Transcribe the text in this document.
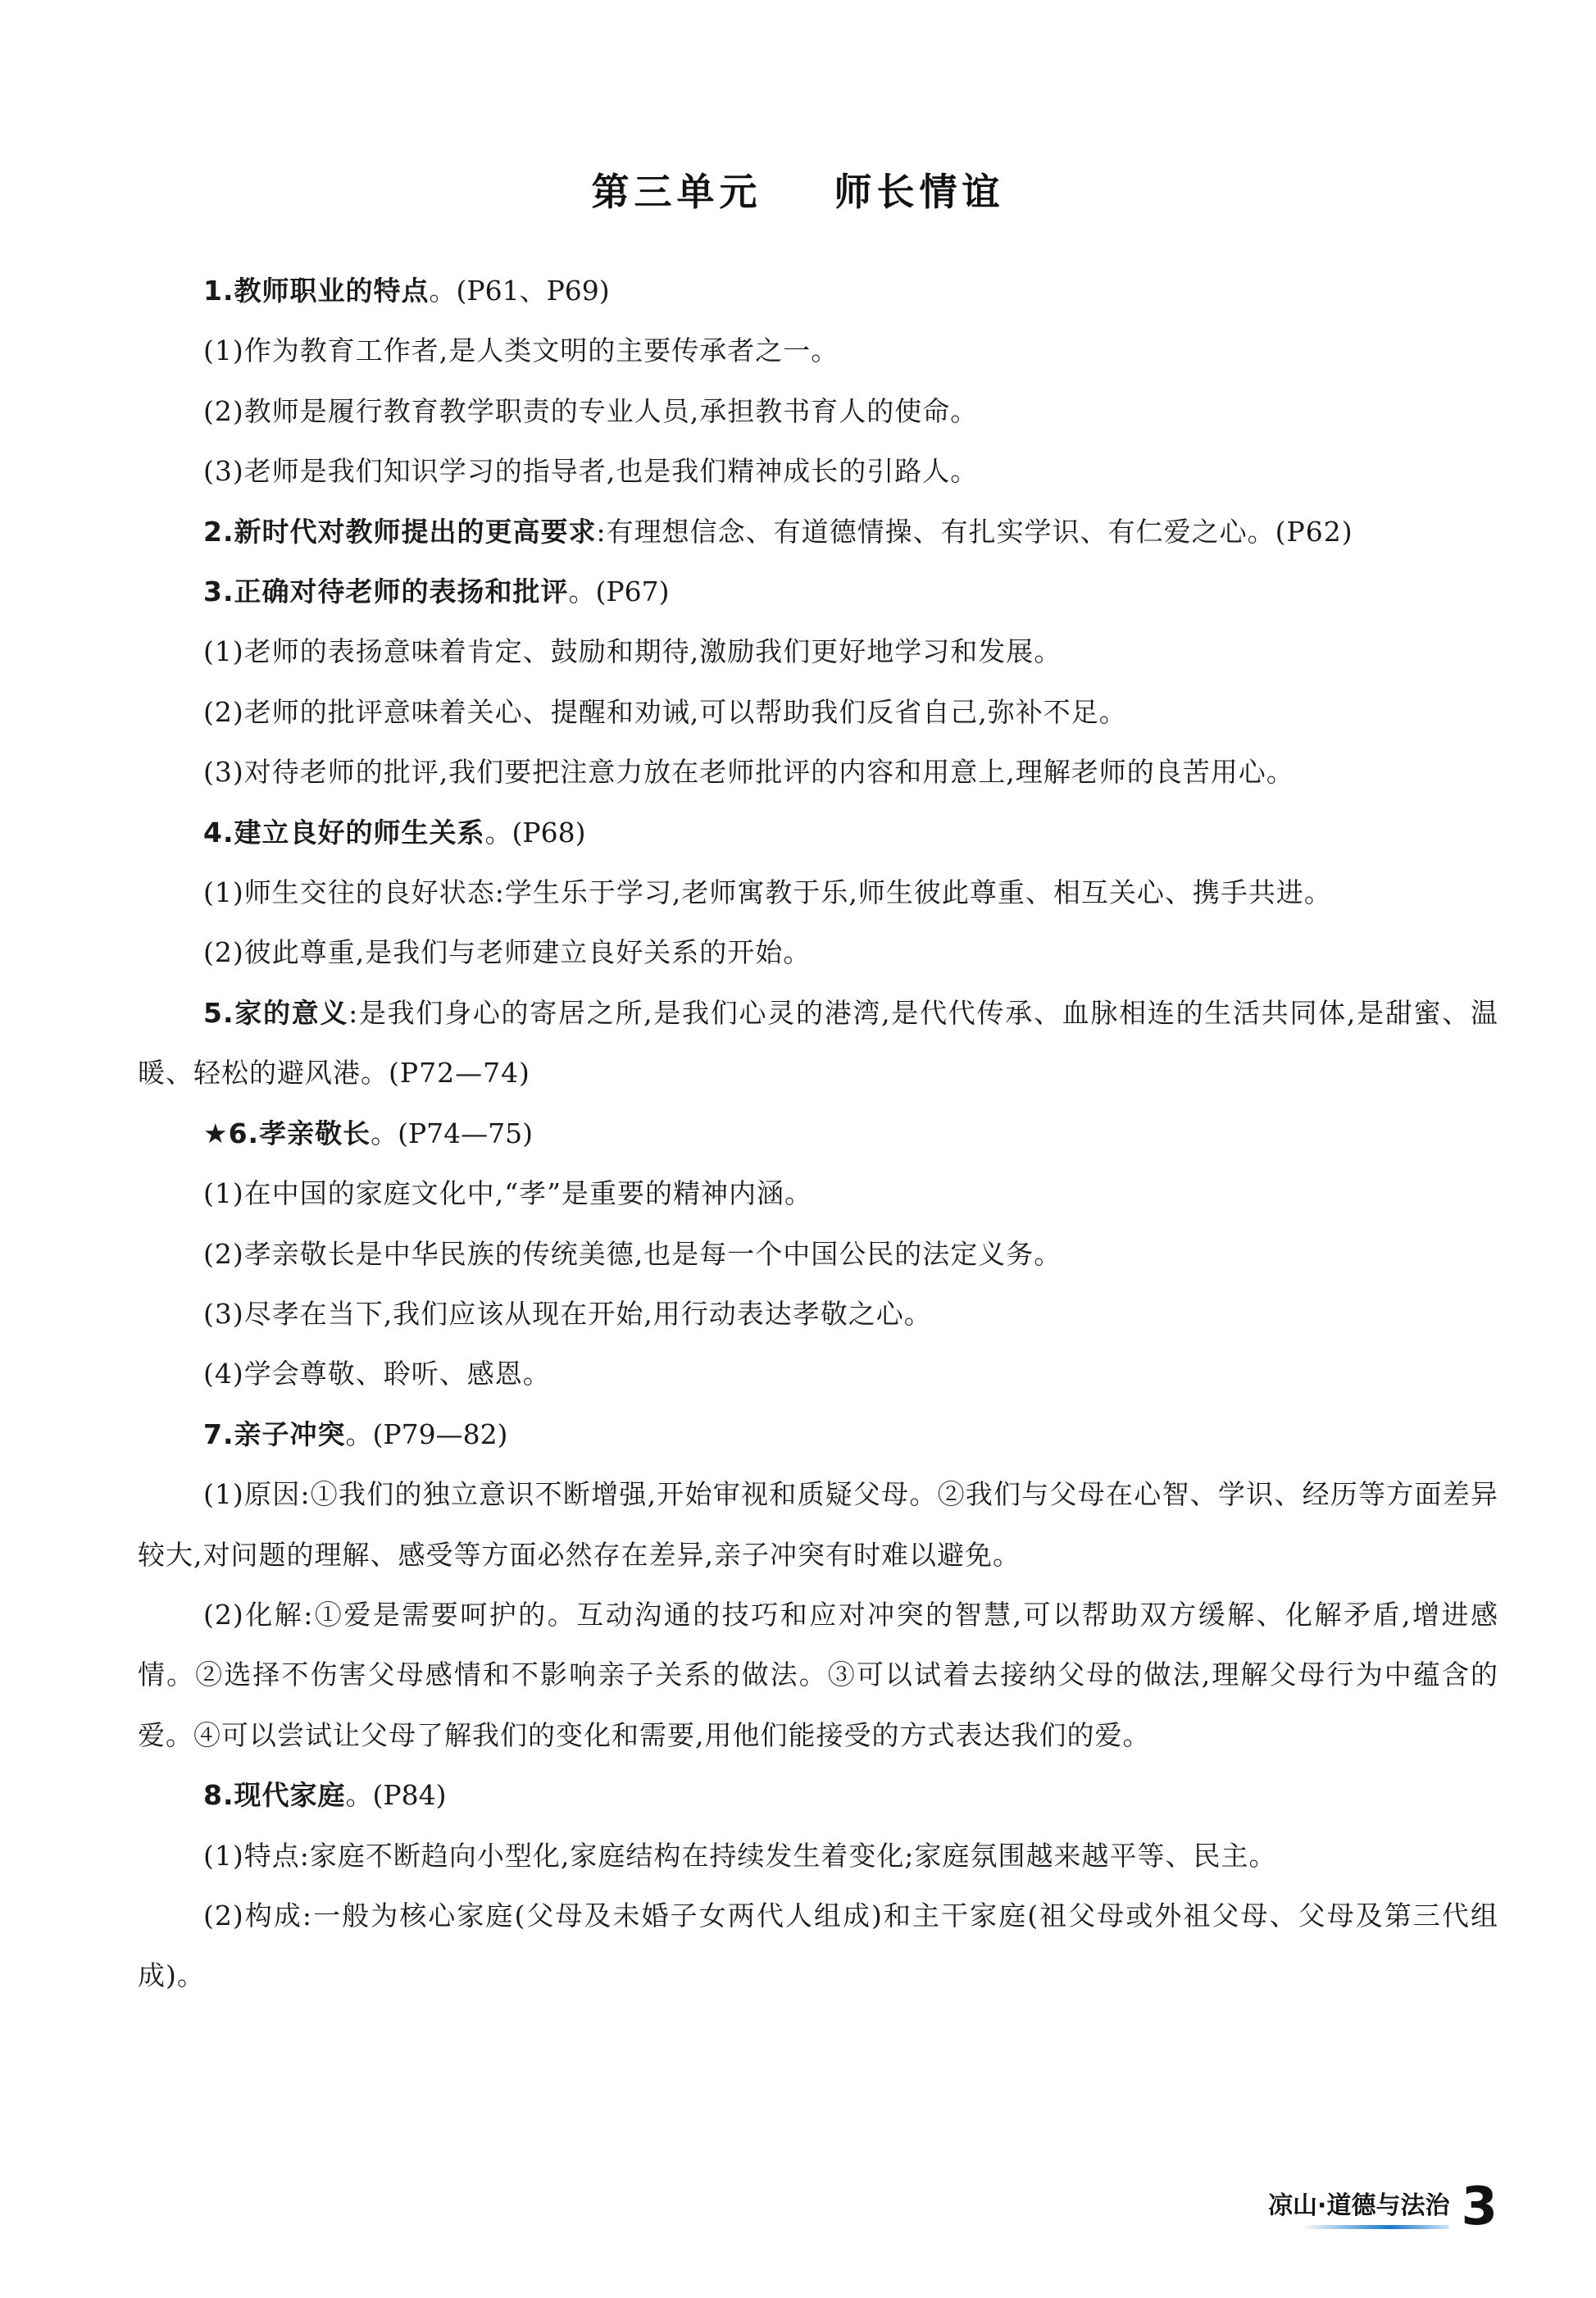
第三单元    师长情谊

1.教师职业的特点。(P61、P69)

(1)作为教育工作者,是人类文明的主要传承者之一。

(2)教师是履行教育教学职责的专业人员,承担教书育人的使命。

(3)老师是我们知识学习的指导者,也是我们精神成长的引路人。

2.新时代对教师提出的更高要求:有理想信念、有道德情操、有扎实学识、有仁爱之心。(P62)

3.正确对待老师的表扬和批评。(P67)

(1)老师的表扬意味着肯定、鼓励和期待,激励我们更好地学习和发展。

(2)老师的批评意味着关心、提醒和劝诫,可以帮助我们反省自己,弥补不足。

(3)对待老师的批评,我们要把注意力放在老师批评的内容和用意上,理解老师的良苦用心。

4.建立良好的师生关系。(P68)

(1)师生交往的良好状态:学生乐于学习,老师寓教于乐,师生彼此尊重、相互关心、携手共进。

(2)彼此尊重,是我们与老师建立良好关系的开始。

5.家的意义:是我们身心的寄居之所,是我们心灵的港湾,是代代传承、血脉相连的生活共同体,是甜蜜、温暖、轻松的避风港。(P72—74)

★6.孝亲敬长。(P74—75)

(1)在中国的家庭文化中,“孝”是重要的精神内涵。

(2)孝亲敬长是中华民族的传统美德,也是每一个中国公民的法定义务。

(3)尽孝在当下,我们应该从现在开始,用行动表达孝敬之心。

(4)学会尊敬、聆听、感恩。

7.亲子冲突。(P79—82)

(1)原因:①我们的独立意识不断增强,开始审视和质疑父母。②我们与父母在心智、学识、经历等方面差异较大,对问题的理解、感受等方面必然存在差异,亲子冲突有时难以避免。

(2)化解:①爱是需要呵护的。互动沟通的技巧和应对冲突的智慧,可以帮助双方缓解、化解矛盾,增进感情。②选择不伤害父母感情和不影响亲子关系的做法。③可以试着去接纳父母的做法,理解父母行为中蕴含的爱。④可以尝试让父母了解我们的变化和需要,用他们能接受的方式表达我们的爱。

8.现代家庭。(P84)

(1)特点:家庭不断趋向小型化,家庭结构在持续发生着变化;家庭氛围越来越平等、民主。

(2)构成:一般为核心家庭(父母及未婚子女两代人组成)和主干家庭(祖父母或外祖父母、父母及第三代组成)。

凉山·道德与法治 3
